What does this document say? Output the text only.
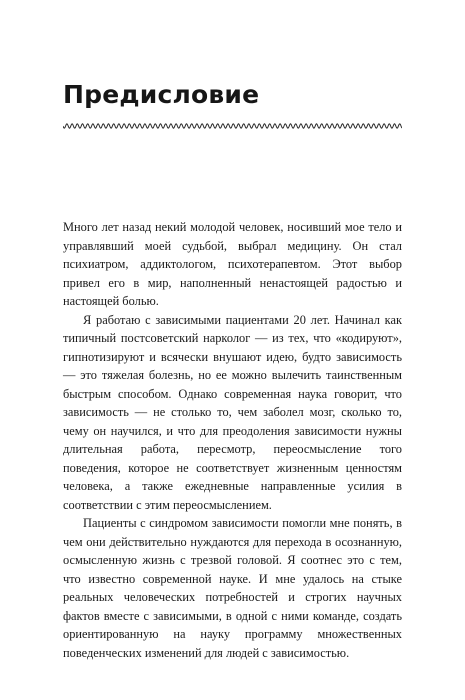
Предисловие

Много лет назад некий молодой человек, носивший мое тело и управлявший моей судьбой, выбрал медицину. Он стал психиатром, аддиктологом, психотерапевтом. Этот выбор привел его в мир, наполненный ненастоящей радостью и настоящей болью.

Я работаю с зависимыми пациентами 20 лет. Начинал как типичный постсоветский нарколог — из тех, что «кодируют», гипнотизируют и всячески внушают идею, будто зависимость — это тяжелая болезнь, но ее можно вылечить таинственным быстрым способом. Однако современная наука говорит, что зависимость — не столько то, чем заболел мозг, сколько то, чему он научился, и что для преодоления зависимости нужны длительная работа, пересмотр, переосмысление того поведения, которое не соответствует жизненным ценностям человека, а также ежедневные направленные усилия в соответствии с этим переосмыслением.

Пациенты с синдромом зависимости помогли мне понять, в чем они действительно нуждаются для перехода в осознанную, осмысленную жизнь с трезвой головой. Я соотнес это с тем, что известно современной науке. И мне удалось на стыке реальных человеческих потребностей и строгих научных фактов вместе с зависимыми, в одной с ними команде, создать ориентированную на науку программу множественных поведенческих изменений для людей с зависимостью.
